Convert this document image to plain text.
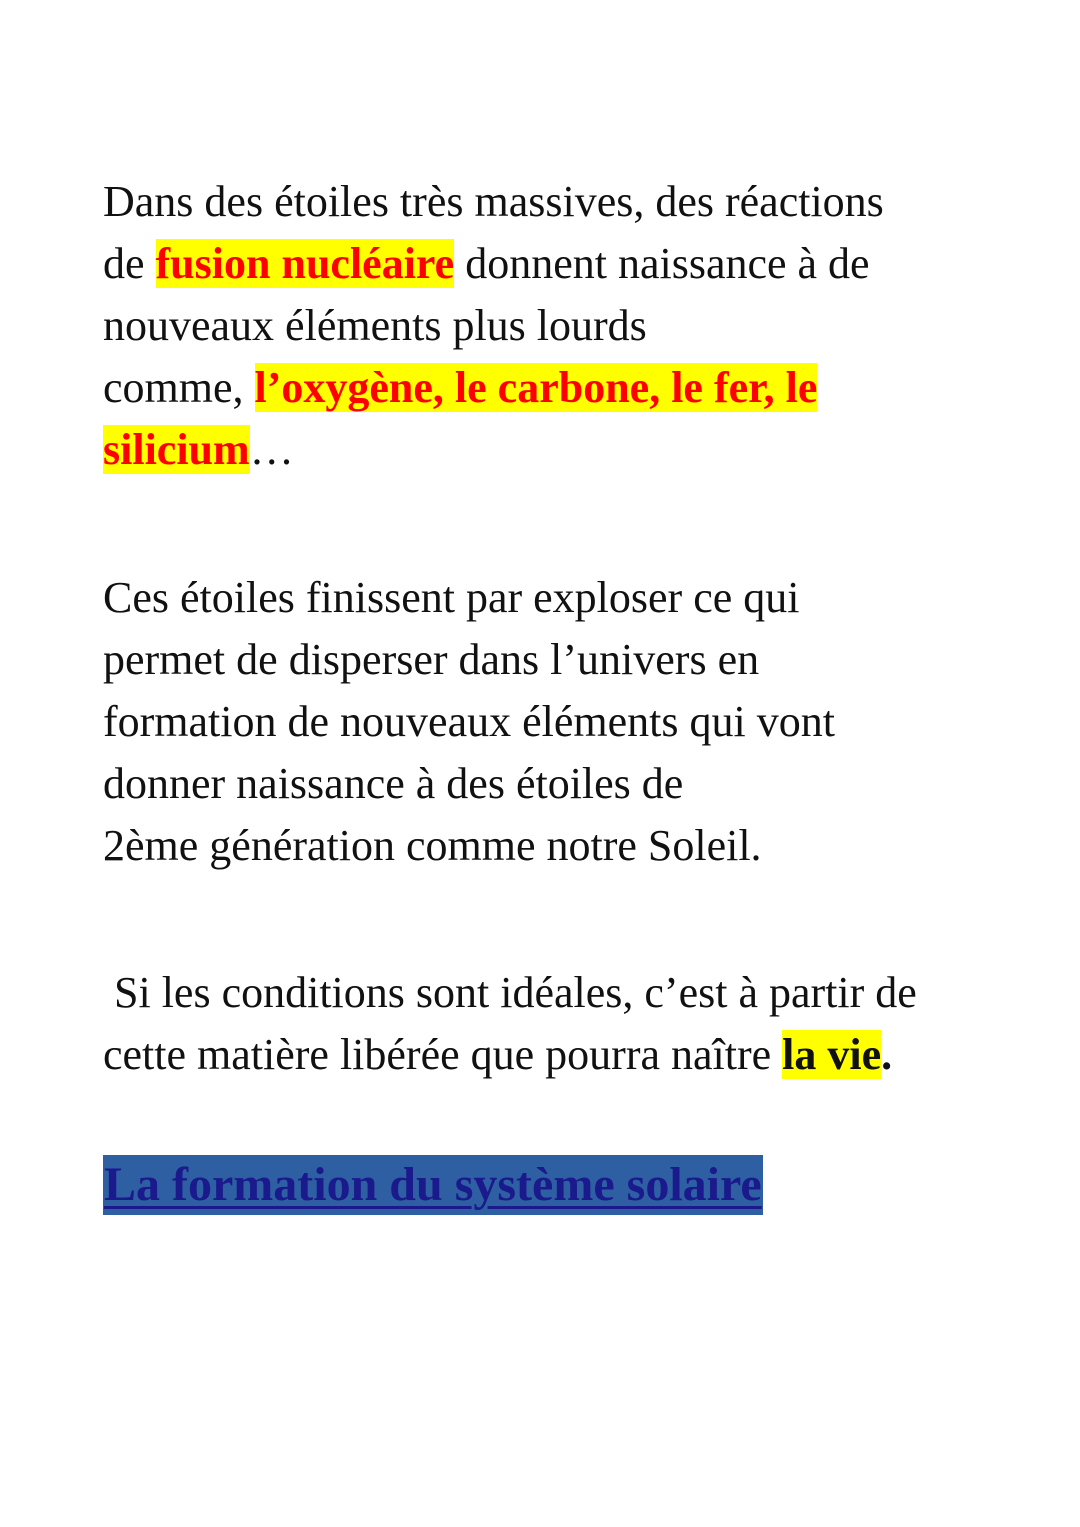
Dans des étoiles très massives, des réactions
de fusion nucléaire donnent naissance à de
nouveaux éléments plus lourds
comme, l’oxygène, le carbone, le fer, le
silicium…

Ces étoiles finissent par exploser ce qui
permet de disperser dans l’univers en
formation de nouveaux éléments qui vont
donner naissance à des étoiles de
2ème génération comme notre Soleil.

Si les conditions sont idéales, c’est à partir de
cette matière libérée que pourra naître la vie.

La formation du système solaire
